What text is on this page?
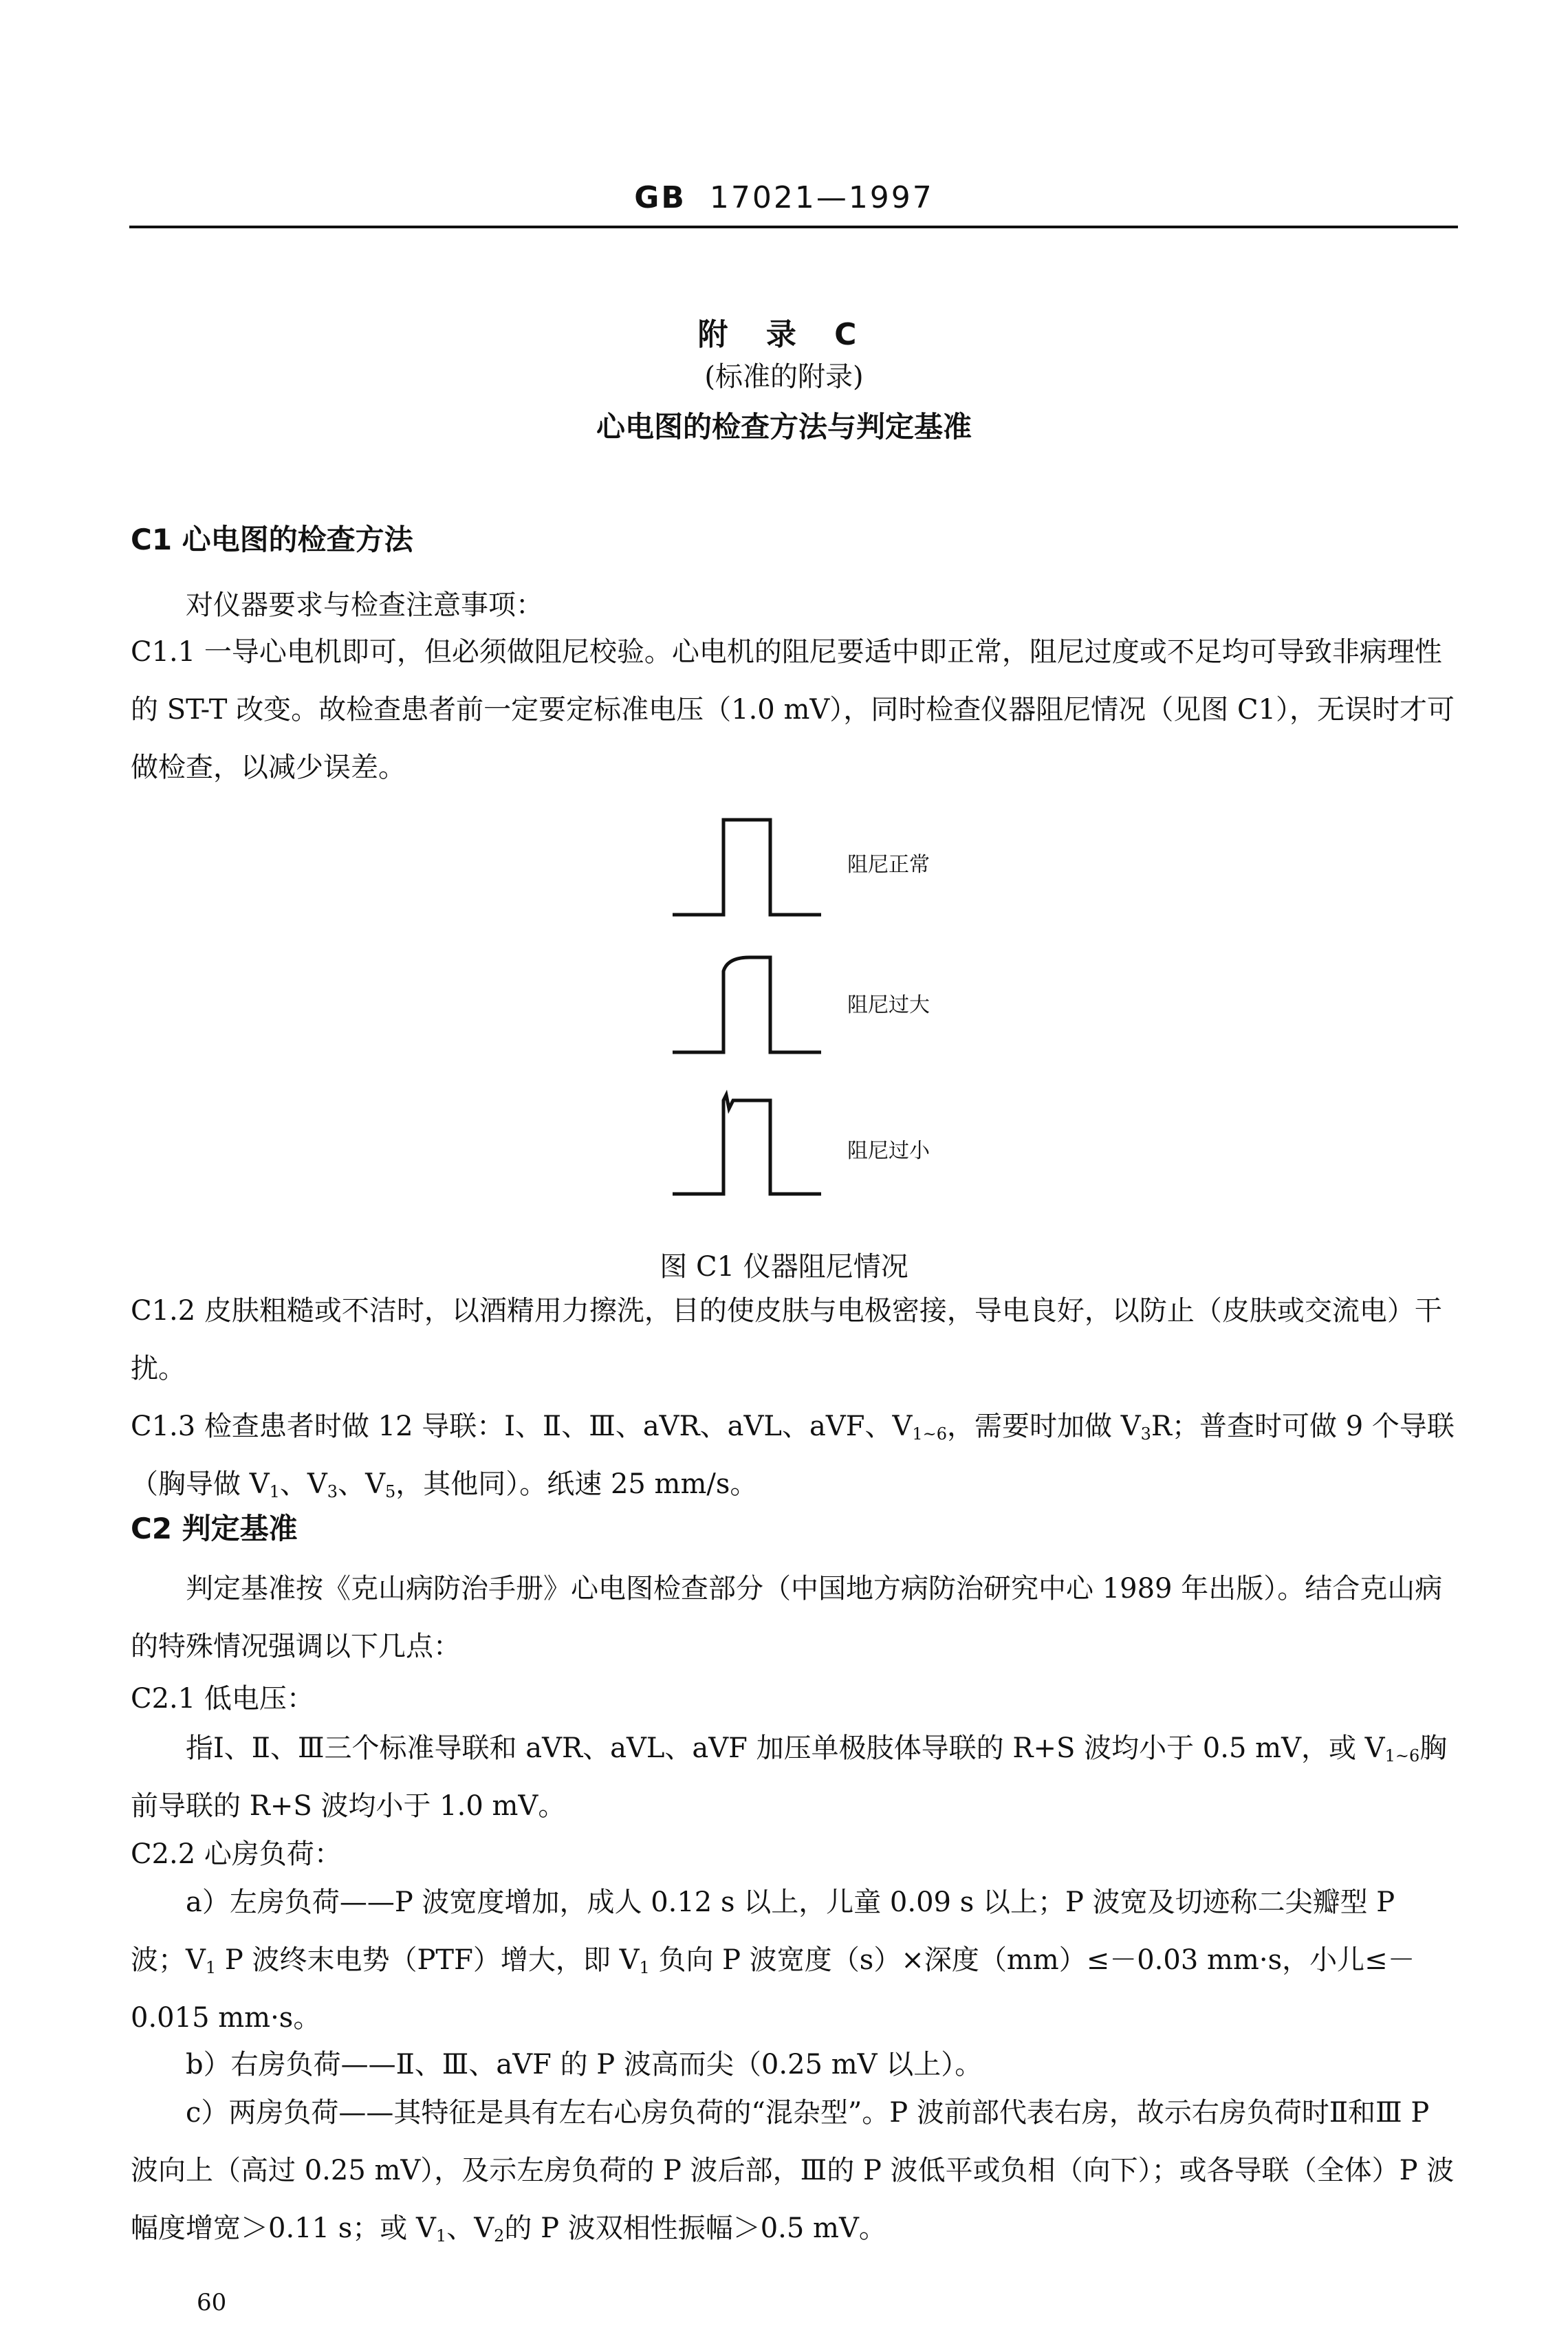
GB 17021—1997
附 录 C
(标准的附录)
心电图的检查方法与判定基准
C1 心电图的检查方法
对仪器要求与检查注意事项：
C1.1 一导心电机即可，但必须做阻尼校验。心电机的阻尼要适中即正常，阻尼过度或不足均可导致非病理性的 ST-T 改变。故检查患者前一定要定标准电压（1.0 mV），同时检查仪器阻尼情况（见图 C1），无误时才可做检查，以减少误差。
阻尼正常
阻尼过大
阻尼过小
图 C1 仪器阻尼情况
C1.2 皮肤粗糙或不洁时，以酒精用力擦洗，目的使皮肤与电极密接，导电良好，以防止（皮肤或交流电）干扰。
C1.3 检查患者时做 12 导联：Ⅰ、Ⅱ、Ⅲ、aVR、aVL、aVF、$V_{1\sim 6}$，需要时加做 $V_3R$；普查时可做 9 个导联（胸导做 $V_1$、$V_3$、$V_5$，其他同）。纸速 25 mm/s。
C2 判定基准
判定基准按《克山病防治手册》心电图检查部分（中国地方病防治研究中心 1989 年出版）。结合克山病的特殊情况强调以下几点：
C2.1 低电压：
指Ⅰ、Ⅱ、Ⅲ三个标准导联和 aVR、aVL、aVF 加压单极肢体导联的 R+S 波均小于 0.5 mV，或 $V_{1\sim 6}$胸前导联的 R+S 波均小于 1.0 mV。
C2.2 心房负荷：
a）左房负荷——P 波宽度增加，成人 0.12 s 以上，儿童 0.09 s 以上；P 波宽及切迹称二尖瓣型 P 波；$V_1$ P 波终末电势（PTF）增大，即 $V_1$ 负向 P 波宽度（s）×深度（mm）≤－0.03 mm·s，小儿≤－0.015 mm·s。
b）右房负荷——Ⅱ、Ⅲ、aVF 的 P 波高而尖（0.25 mV 以上）。
c）两房负荷——其特征是具有左右心房负荷的“混杂型”。P 波前部代表右房，故示右房负荷时Ⅱ和Ⅲ P 波向上（高过 0.25 mV），及示左房负荷的 P 波后部，Ⅲ的 P 波低平或负相（向下）；或各导联（全体）P 波幅度增宽＞0.11 s；或 $V_1$、$V_2$的 P 波双相性振幅＞0.5 mV。
60
